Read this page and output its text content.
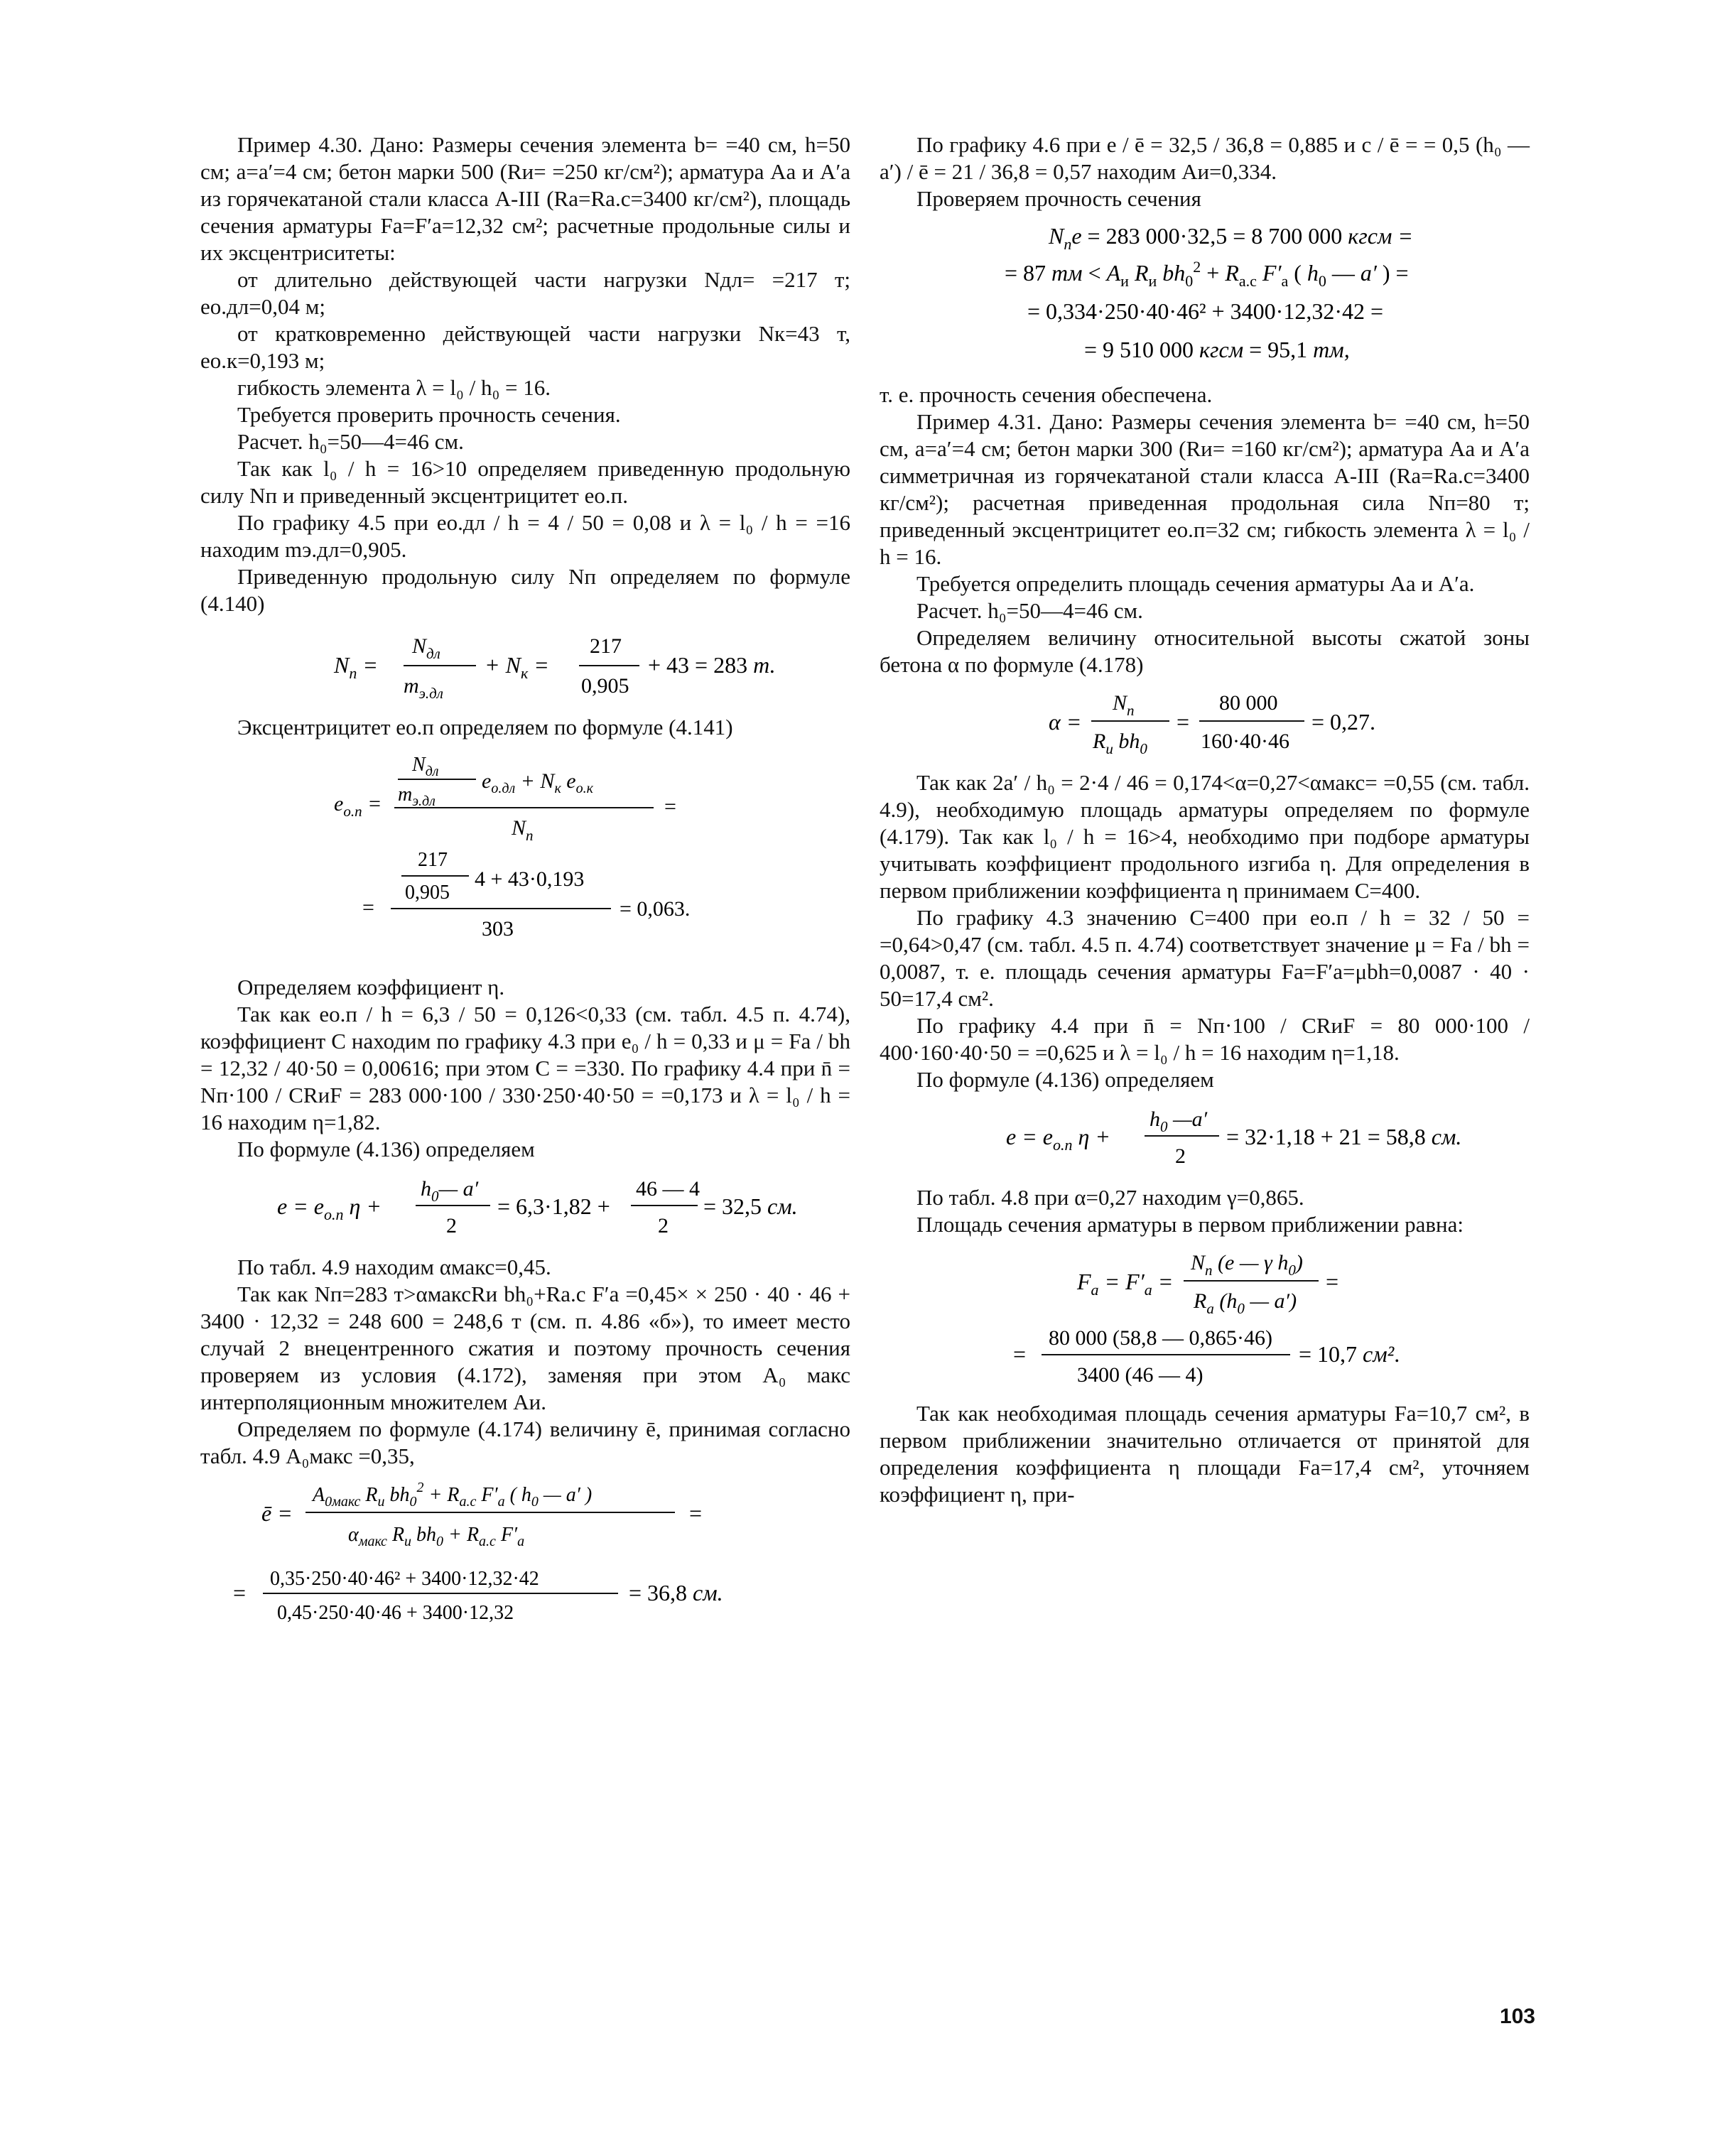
Пример 4.30. Дано: Размеры сечения элемента b= =40 см, h=50 см; a=a′=4 см; бетон марки 500 (Rи= =250 кг/см²); арматура Aа и A′а из горячекатаной стали класса А-III (Rа=Rа.с=3400 кг/см²), площадь сечения арматуры Fа=F′а=12,32 см²; расчетные продольные силы и их эксцентриситеты:

от длительно действующей части нагрузки Nдл= =217 т; eо.дл=0,04 м;

от кратковременно действующей части нагрузки Nк=43 т, eо.к=0,193 м;

гибкость элемента λ = l₀ / h₀ = 16.

Требуется проверить прочность сечения.

Расчет. h₀=50—4=46 см.

Так как l₀ / h = 16>10 определяем приведенную продольную силу Nп и приведенный эксцентрицитет eо.п.

По графику 4.5 при eо.дл / h = 4 / 50 = 0,08 и λ = l₀ / h = =16 находим mэ.дл=0,905.

Приведенную продольную силу Nп определяем по формуле (4.140)

$N_п$ =
$N_{дл}$
$m_{э.дл}$
+ $N_к$ =
217
0,905
+ 43 = 283 т.

Эксцентрицитет eо.п определяем по формуле (4.141)

$e_{о.п}$ =
$N_{дл}$
$m_{э.дл}$
$e_{о.дл} + N_к$ $e_{о.к}$
$N_п$
=
=
217
0,905
4 + 43·0,193
303
= 0,063.

Определяем коэффициент η.

Так как eо.п / h = 6,3 / 50 = 0,126<0,33 (см. табл. 4.5 п. 4.74), коэффициент C находим по графику 4.3 при e₀ / h = 0,33 и μ = Fа / bh = 12,32 / 40·50 = 0,00616; при этом C = =330. По графику 4.4 при n̄ = Nп·100 / CRиF = 283 000·100 / 330·250·40·50 = =0,173 и λ = l₀ / h = 16 находим η=1,82.

По формуле (4.136) определяем

$e = e_{о.п}$ η +
$h_0—$ a′
2
= 6,3·1,82 +
46 — 4
2
= 32,5 см.

По табл. 4.9 находим αмакс=0,45.

Так как Nп=283 т>αмаксRи bh₀+Rа.с F′а =0,45× × 250 · 40 · 46 + 3400 · 12,32 = 248 600 = 248,6 т (см. п. 4.86 «б»), то имеет место случай 2 внецентренного сжатия и поэтому прочность сечения проверяем из условия (4.172), заменяя при этом A₀ макс интерполяционным множителем Aи.

Определяем по формуле (4.174) величину ē, принимая согласно табл. 4.9 A₀макс =0,35,

ē =
$A_{0макс}$ $R_и$ $bh_0^2 + R_{а.с}$ $F'_а$ ( $h_0$ — a′ )
$\alpha_{макс}$ $R_и$ $bh_0 + R_{а.с}$ $F'_а$
=
=
0,35·250·40·46² + 3400·12,32·42
0,45·250·40·46 + 3400·12,32
= 36,8 см.

По графику 4.6 при e / ē = 32,5 / 36,8 = 0,885 и c / ē = = 0,5 (h₀ — a′) / ē = 21 / 36,8 = 0,57 находим Aи=0,334.

Проверяем прочность сечения

$N_пe = 283$ 000·32,5 = 8 700 000 кгсм =
= 87 тм < $A_и$ $R_и$ $bh_0^2 + R_{а.с}$ $F'_а$ ( $h_0$ — a′ ) =
= 0,334·250·40·46² + 3400·12,32·42 =
= 9 510 000 кгсм = 95,1 тм,

т. е. прочность сечения обеспечена.

Пример 4.31. Дано: Размеры сечения элемента b= =40 см, h=50 см, a=a′=4 см; бетон марки 300 (Rи= =160 кг/см²); арматура Aа и A′а симметричная из горячекатаной стали класса А-III (Rа=Rа.с=3400 кг/см²); расчетная приведенная продольная сила Nп=80 т; приведенный эксцентрицитет eо.п=32 см; гибкость элемента λ = l₀ / h = 16.

Требуется определить площадь сечения арматуры Aа и A′а.

Расчет. h₀=50—4=46 см.

Определяем величину относительной высоты сжатой зоны бетона α по формуле (4.178)

α =
$N_п$
$R_и$ $bh_0$
=
80 000
160·40·46
= 0,27.

Так как 2a′ / h₀ = 2·4 / 46 = 0,174<α=0,27<αмакс= =0,55 (см. табл. 4.9), необходимую площадь арматуры определяем по формуле (4.179). Так как l₀ / h = 16>4, необходимо при подборе арматуры учитывать коэффициент продольного изгиба η. Для определения в первом приближении коэффициента η принимаем C=400.

По графику 4.3 значению C=400 при eо.п / h = 32 / 50 = =0,64>0,47 (см. табл. 4.5 п. 4.74) соответствует значение μ = Fа / bh = 0,0087, т. е. площадь сечения арматуры Fа=F′а=μbh=0,0087 · 40 · 50=17,4 см².

По графику 4.4 при n̄ = Nп·100 / CRиF = 80 000·100 / 400·160·40·50 = =0,625 и λ = l₀ / h = 16 находим η=1,18.

По формуле (4.136) определяем

$e = e_{о.п}$ η +
$h_0$ —a′
2
= 32·1,18 + 21 = 58,8 см.

По табл. 4.8 при α=0,27 находим γ=0,865.

Площадь сечения арматуры в первом приближении равна:

$F_а = F'_а$ =
$N_п$ (e — γ $h_0$)
$R_а$ ($h_0$ — a′)
=
=
80 000 (58,8 — 0,865·46)
3400 (46 — 4)
= 10,7 см².

Так как необходимая площадь сечения арматуры Fа=10,7 см², в первом приближении значительно отличается от принятой для определения коэффициента η площади Fа=17,4 см², уточняем коэффициент η, при-

103
